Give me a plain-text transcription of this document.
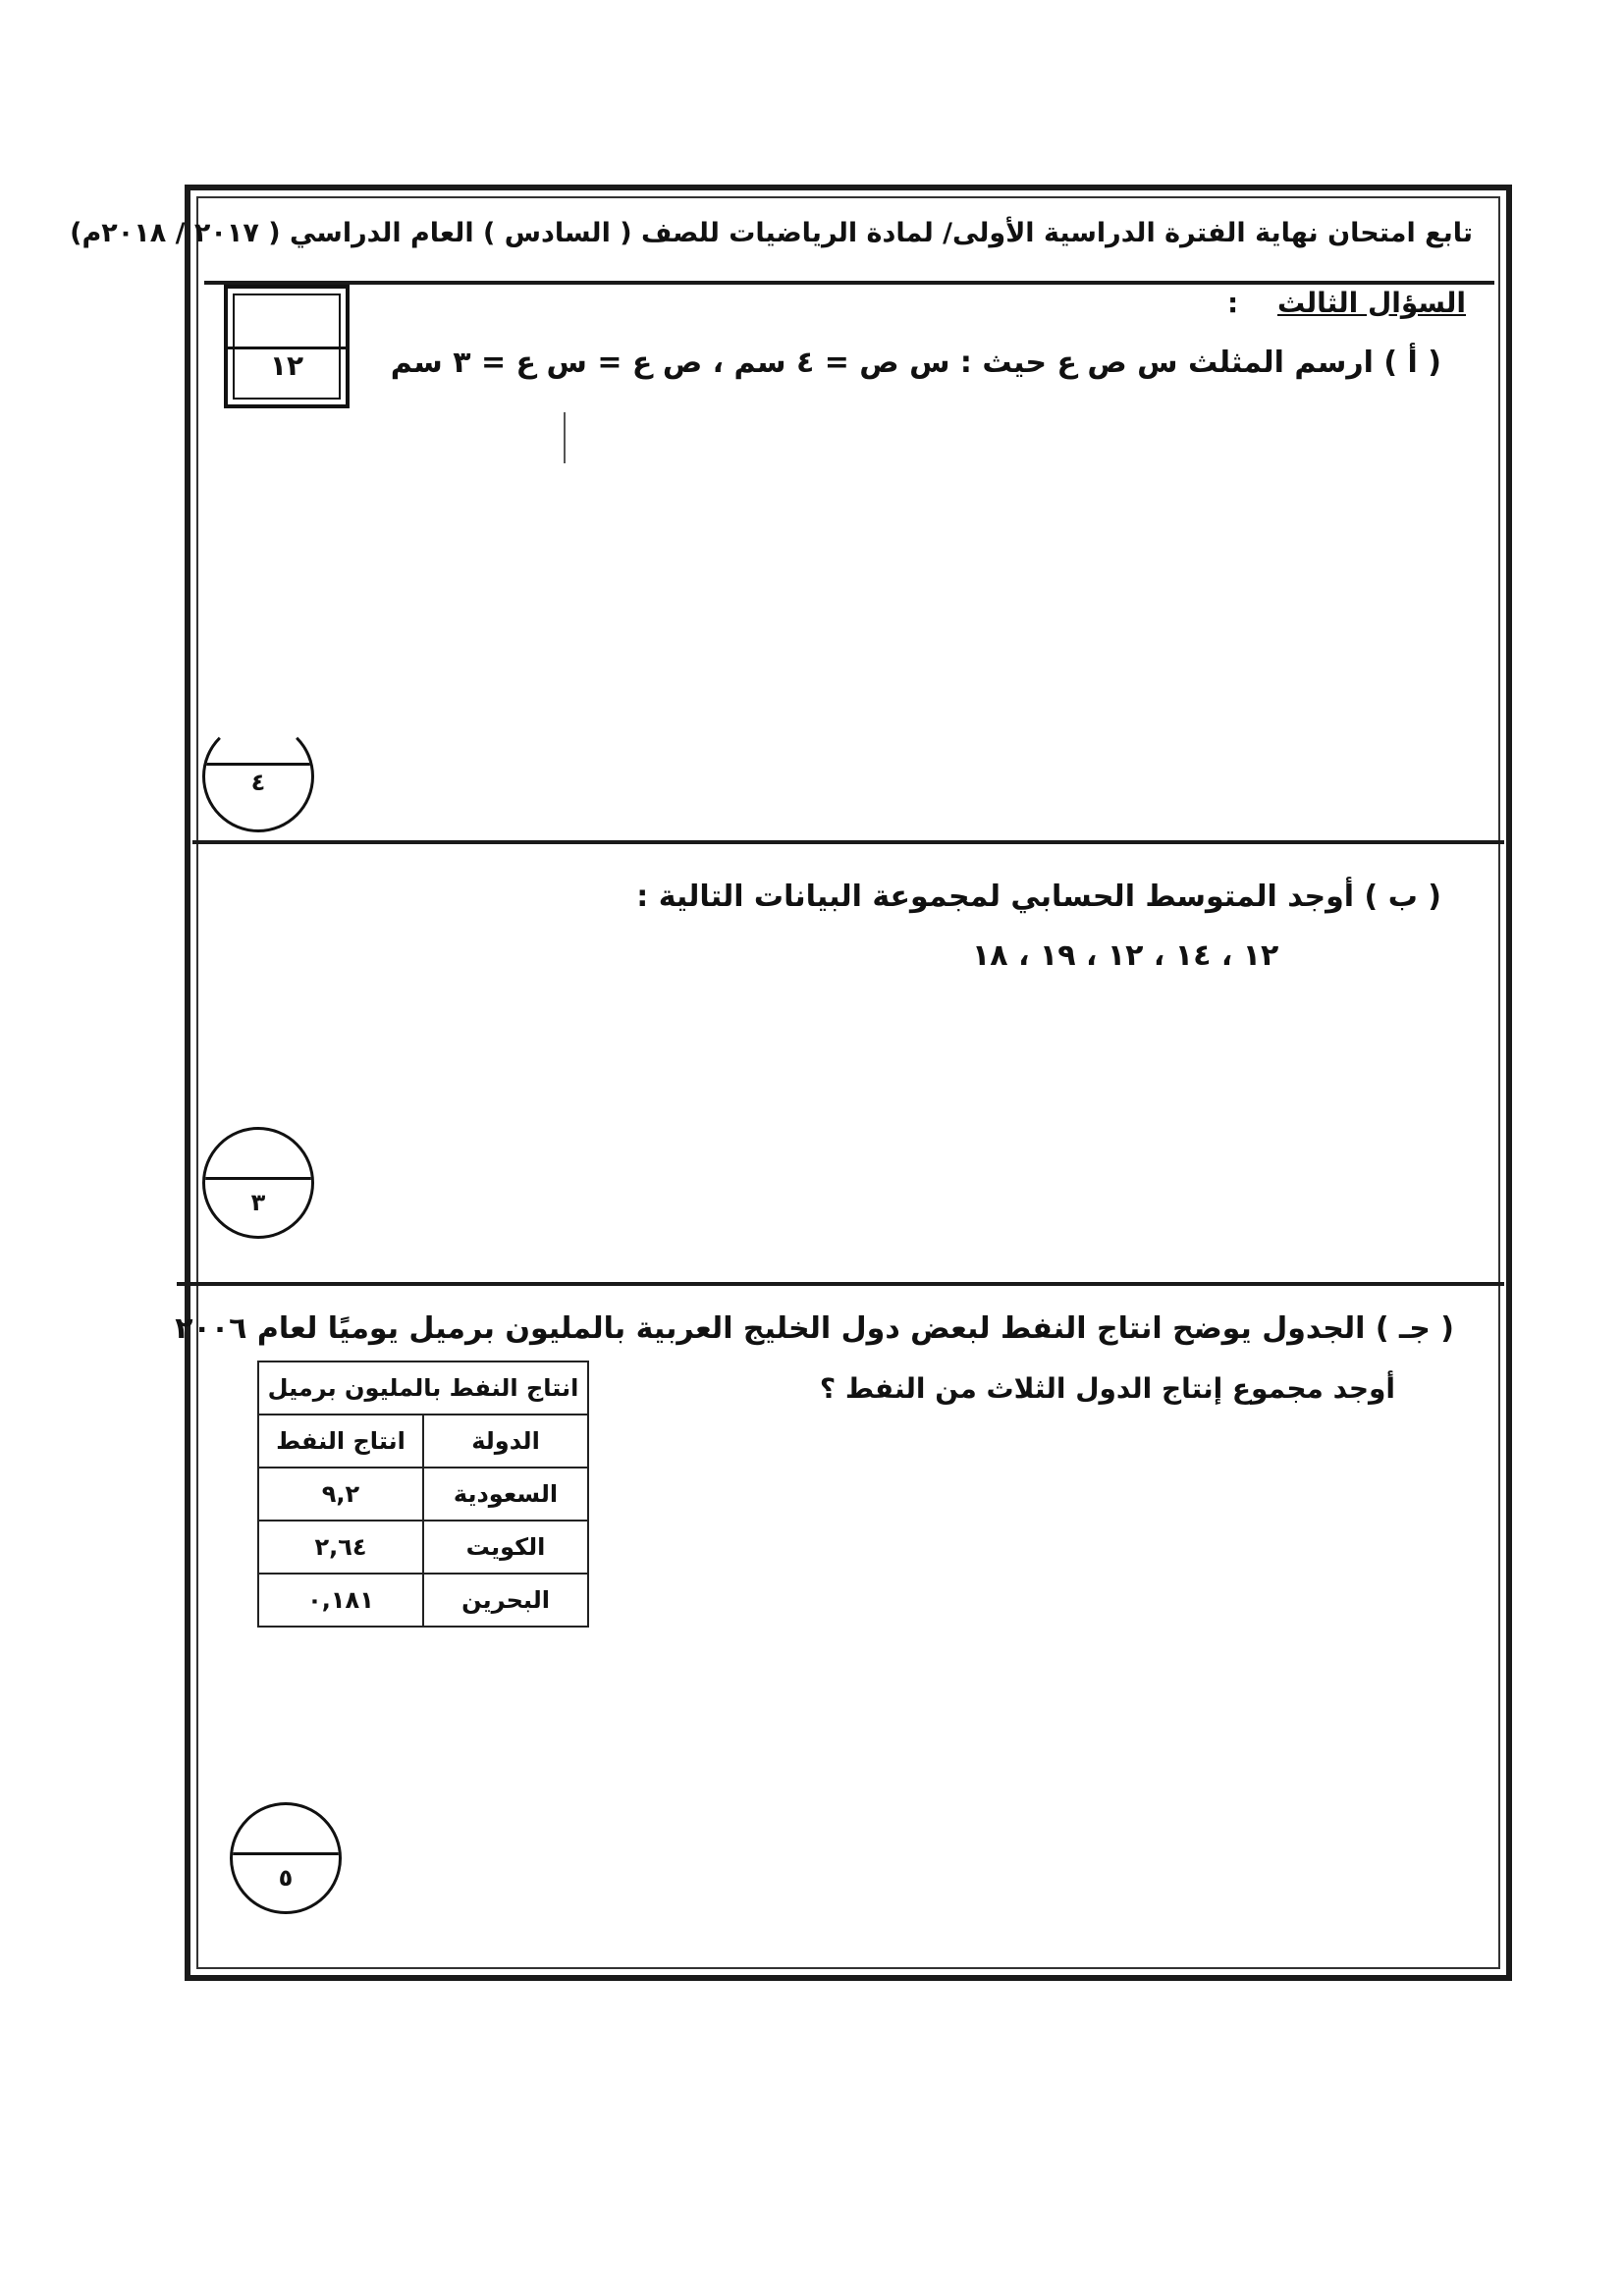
تابع امتحان نهاية الفترة الدراسية الأولى/ لمادة الرياضيات للصف ( السادس ) العام الدراسي ( ٢٠١٧ / ٢٠١٨م)
السؤال الثالث :
١٢	( أ ) ارسم المثلث س ص ع حيث : س ص = ٤ سم ، ص ع = س ع = ٣ سم
٤
( ب ) أوجد المتوسط الحسابي لمجموعة البيانات التالية :
١٢ ، ١٤ ، ١٢ ، ١٩ ، ١٨
٣
( جـ ) الجدول يوضح انتاج النفط لبعض دول الخليج العربية بالمليون برميل يوميًا لعام ٢٠٠٦
أوجد مجموع إنتاج الدول الثلاث من النفط ؟
انتاج النفط بالمليون برميل	
الدولة	انتاج النفط
السعودية	٩,٢
الكويت	٢,٦٤
البحرين	٠,١٨١
٥
